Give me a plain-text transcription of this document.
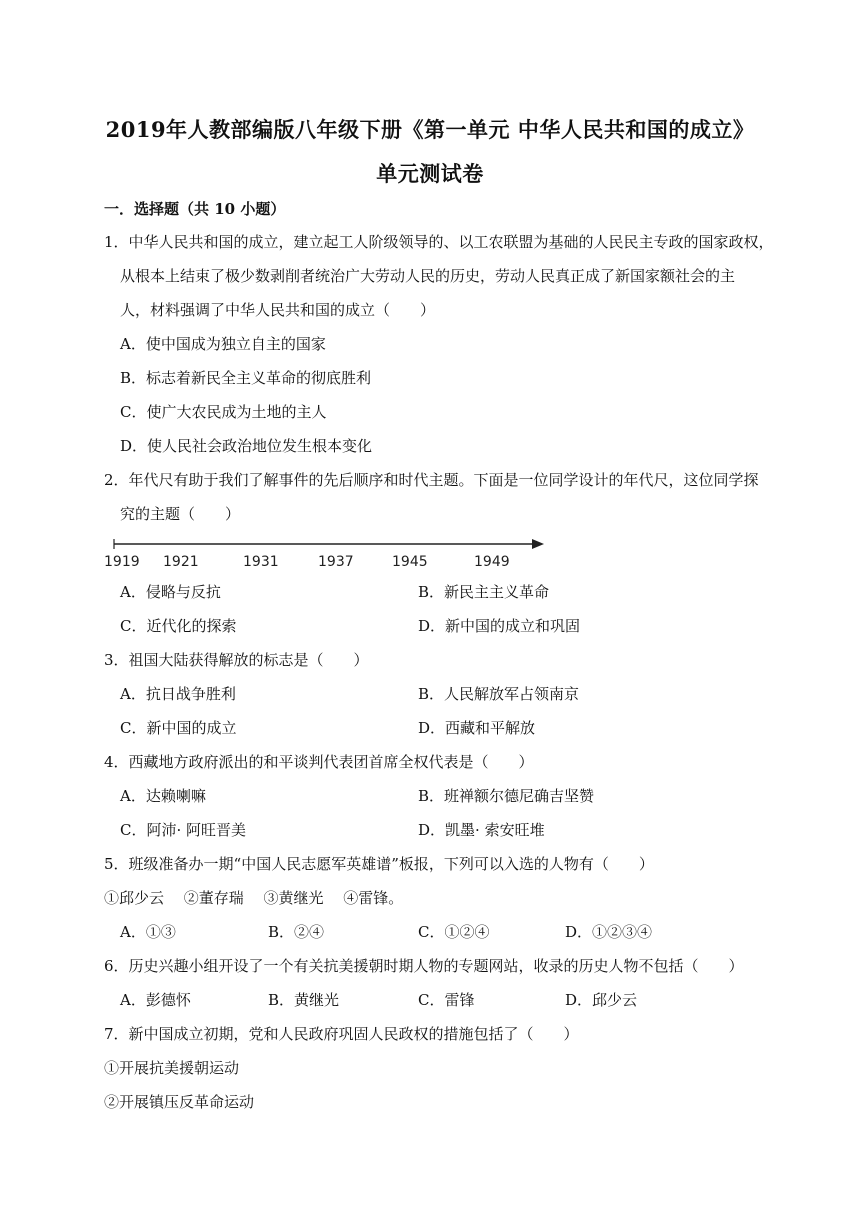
2019年人教部编版八年级下册《第一单元 中华人民共和国的成立》
单元测试卷
一．选择题（共 10 小题）
1．中华人民共和国的成立，建立起工人阶级领导的、以工农联盟为基础的人民民主专政的国家政权，
从根本上结束了极少数剥削者统治广大劳动人民的历史，劳动人民真正成了新国家额社会的主
人，材料强调了中华人民共和国的成立（　　）
A．使中国成为独立自主的国家
B．标志着新民全主义革命的彻底胜利
C．使广大农民成为土地的主人
D．使人民社会政治地位发生根本变化
2．年代尺有助于我们了解事件的先后顺序和时代主题。下面是一位同学设计的年代尺，这位同学探
究的主题（　　）
1919 1921	1931	1937	1945	1949
A．侵略与反抗	B．新民主主义革命
C．近代化的探索	D．新中国的成立和巩固
3．祖国大陆获得解放的标志是（　　）
A．抗日战争胜利	B．人民解放军占领南京
C．新中国的成立	D．西藏和平解放
4．西藏地方政府派出的和平谈判代表团首席全权代表是（　　）
A．达赖喇嘛	B．班禅额尔德尼确吉坚赞
C．阿沛· 阿旺晋美	D．凯墨· 索安旺堆
5．班级准备办一期“中国人民志愿军英雄谱”板报，下列可以入选的人物有（　　）
①邱少云　 ②董存瑞　 ③黄继光　 ④雷锋。
A．①③	B．②④	C．①②④	D．①②③④
6．历史兴趣小组开设了一个有关抗美援朝时期人物的专题网站，收录的历史人物不包括（　　）
A．彭德怀	B．黄继光	C．雷锋	D．邱少云
7．新中国成立初期，党和人民政府巩固人民政权的措施包括了（　　）
①开展抗美援朝运动
②开展镇压反革命运动
